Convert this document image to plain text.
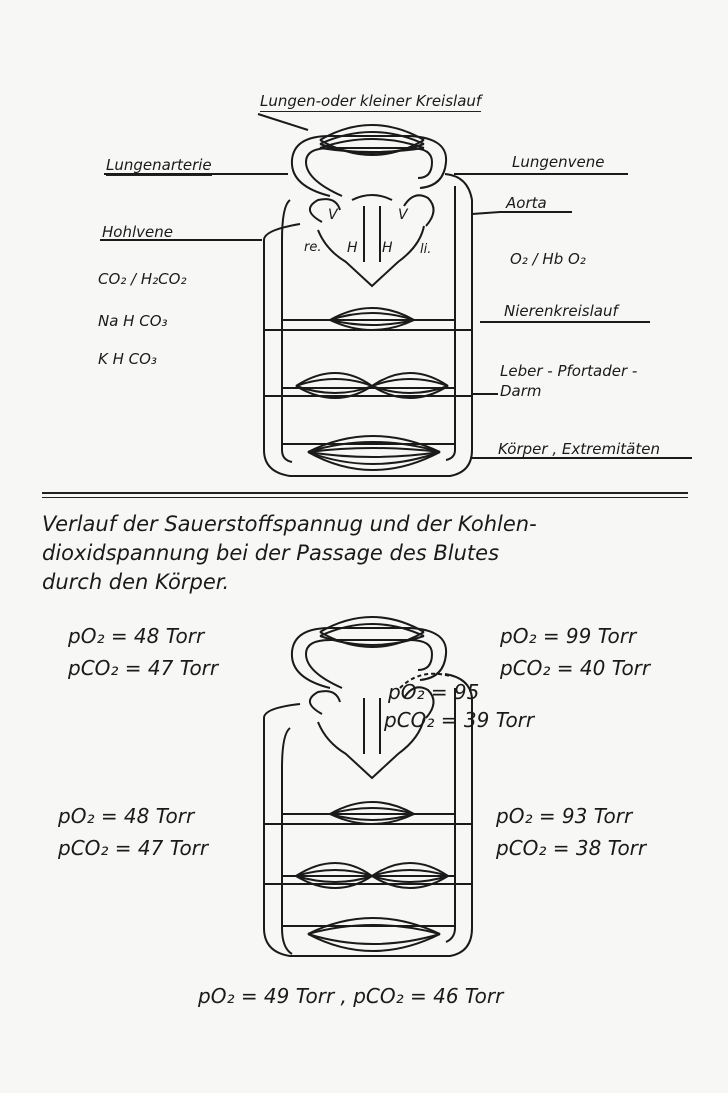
Lungen-oder kleiner Kreislauf
Lungenarterie	Lungenvene
Aorta
Hohlvene
V	V
H H
re.	li.
CO₂ / H₂CO₂
Na H CO₃
K H CO₃
O₂ / Hb O₂
Nierenkreislauf
Leber - Pfortader -
Darm
Körper , Extremitäten
Verlauf der Sauerstoffspannug und der Kohlen-
dioxidspannung bei der Passage des Blutes
durch den Körper.
pO₂ = 48 Torr
pCO₂ = 47 Torr
pO₂ = 99 Torr
pCO₂ = 40 Torr
pO₂ = 95
pCO₂ = 39 Torr
pO₂ = 48 Torr
pCO₂ = 47 Torr
pO₂ = 93 Torr
pCO₂ = 38 Torr
pO₂ = 49 Torr , pCO₂ = 46 Torr
